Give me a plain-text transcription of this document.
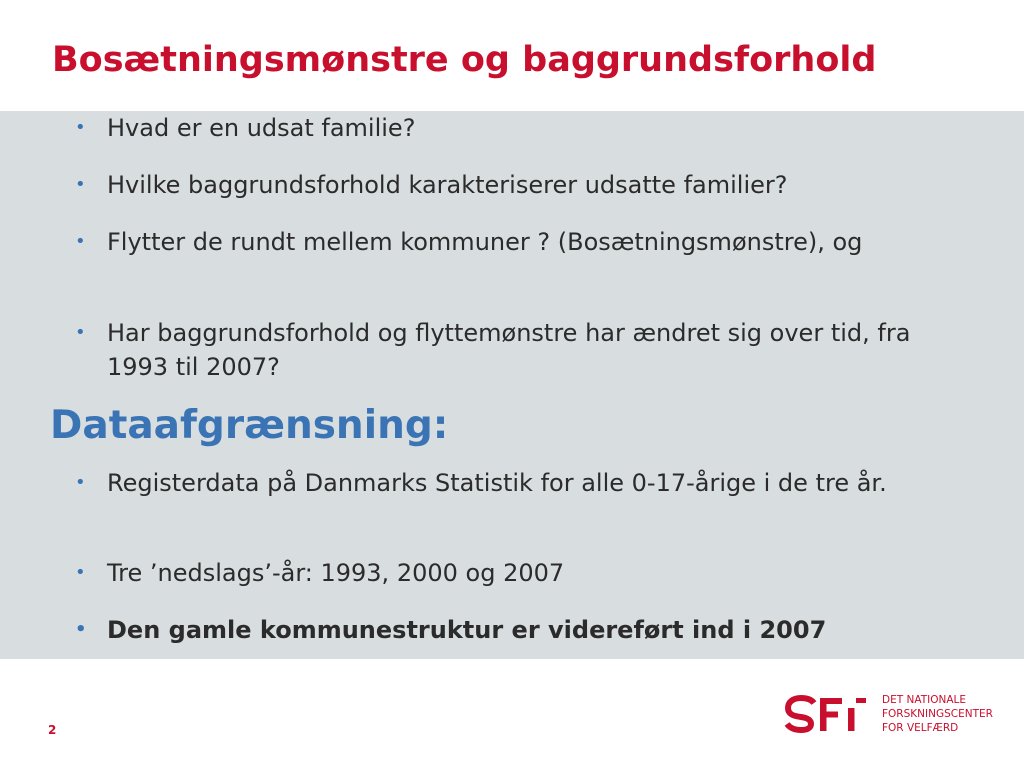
Bosætningsmønstre og baggrundsforhold
• Hvad er en udsat familie?
• Hvilke baggrundsforhold karakteriserer udsatte familier?
• Flytter de rundt mellem kommuner ? (Bosætningsmønstre), og
• Har baggrundsforhold og flyttemønstre har ændret sig over tid, fra 1993 til 2007?
Dataafgrænsning:
• Registerdata på Danmarks Statistik for alle 0-17-årige i de tre år.
• Tre ’nedslags’-år: 1993, 2000 og 2007
• Den gamle kommunestruktur er videreført ind i 2007
2
DET NATIONALE
FORSKNINGSCENTER
FOR VELFÆRD
